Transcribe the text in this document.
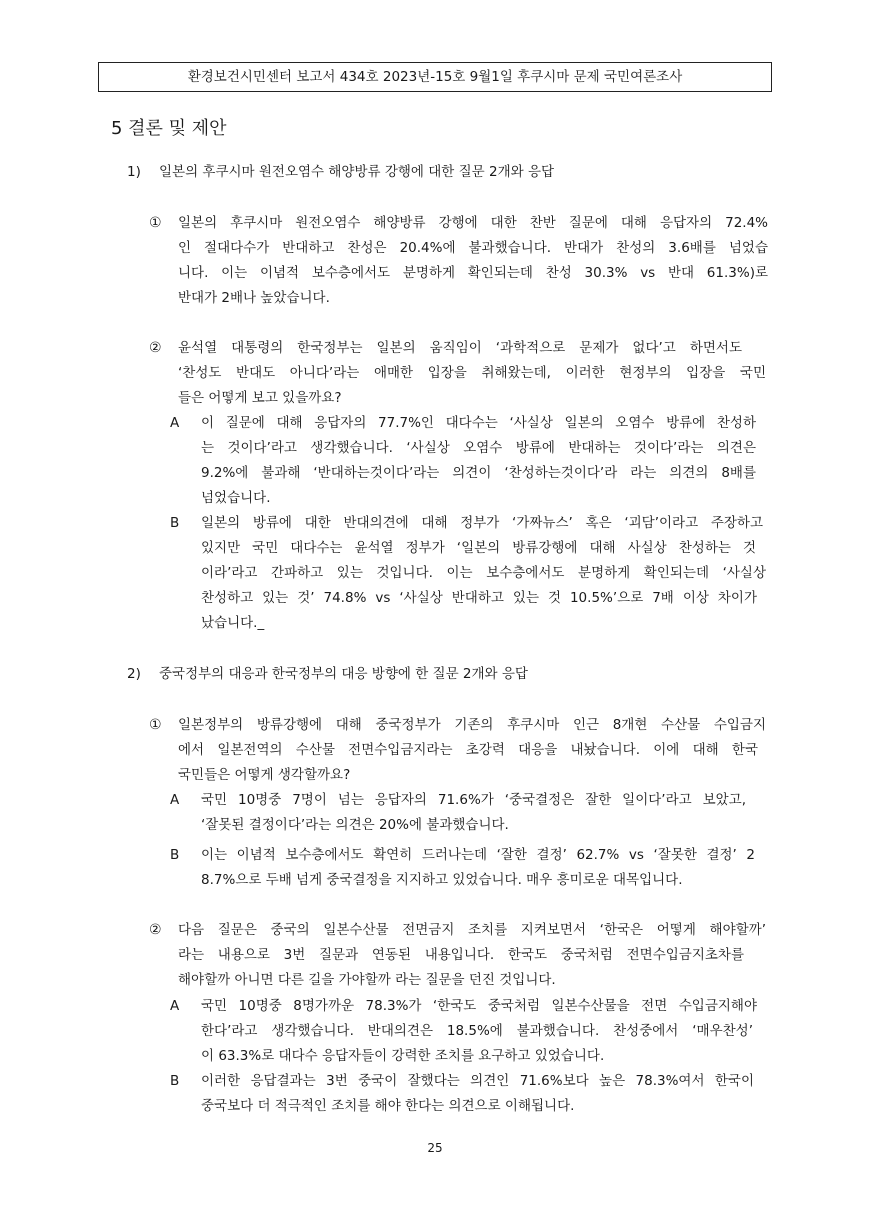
환경보건시민센터 보고서 434호 2023년-15호 9월1일 후쿠시마 문제 국민여론조사
5 결론 및 제안
1) 일본의 후쿠시마 원전오염수 해양방류 강행에 대한 질문 2개와 응답
① 일본의 후쿠시마 원전오염수 해양방류 강행에 대한 찬반 질문에 대해 응답자의 72.4%
인 절대다수가 반대하고 찬성은 20.4%에 불과했습니다. 반대가 찬성의 3.6배를 넘었습
니다. 이는 이념적 보수층에서도 분명하게 확인되는데 찬성 30.3% vs 반대 61.3%)로
반대가 2배나 높았습니다.
② 윤석열 대통령의 한국정부는 일본의 움직임이 ‘과학적으로 문제가 없다’고 하면서도
‘찬성도 반대도 아니다’라는 애매한 입장을 취해왔는데, 이러한 현정부의 입장을 국민
들은 어떻게 보고 있을까요?
A 이 질문에 대해 응답자의 77.7%인 대다수는 ‘사실상 일본의 오염수 방류에 찬성하
는 것이다’라고 생각했습니다. ‘사실상 오염수 방류에 반대하는 것이다’라는 의견은
9.2%에 불과해 ‘반대하는것이다’라는 의견이 ‘찬성하는것이다’라 라는 의견의 8배를
넘었습니다.
B 일본의 방류에 대한 반대의견에 대해 정부가 ‘가짜뉴스’ 혹은 ‘괴담’이라고 주장하고
있지만 국민 대다수는 윤석열 정부가 ‘일본의 방류강행에 대해 사실상 찬성하는 것
이라’라고 간파하고 있는 것입니다. 이는 보수층에서도 분명하게 확인되는데 ‘사실상
찬성하고 있는 것’ 74.8% vs ‘사실상 반대하고 있는 것 10.5%’으로 7배 이상 차이가
났습니다._
2) 중국정부의 대응과 한국정부의 대응 방향에 한 질문 2개와 응답
① 일본정부의 방류강행에 대해 중국정부가 기존의 후쿠시마 인근 8개현 수산물 수입금지
에서 일본전역의 수산물 전면수입금지라는 초강력 대응을 내놨습니다. 이에 대해 한국
국민들은 어떻게 생각할까요?
A 국민 10명중 7명이 넘는 응답자의 71.6%가 ‘중국결정은 잘한 일이다’라고 보았고,
‘잘못된 결정이다’라는 의견은 20%에 불과했습니다.
B 이는 이념적 보수층에서도 확연히 드러나는데 ‘잘한 결정’ 62.7% vs ‘잘못한 결정’ 2
8.7%으로 두배 넘게 중국결정을 지지하고 있었습니다. 매우 흥미로운 대목입니다.
② 다음 질문은 중국의 일본수산물 전면금지 조치를 지켜보면서 ‘한국은 어떻게 해야할까’
라는 내용으로 3번 질문과 연동된 내용입니다. 한국도 중국처럼 전면수입금지초차를
해야할까 아니면 다른 길을 가야할까 라는 질문을 던진 것입니다.
A 국민 10명중 8명가까운 78.3%가 ‘한국도 중국처럼 일본수산물을 전면 수입금지해야
한다’라고 생각했습니다. 반대의견은 18.5%에 불과했습니다. 찬성중에서 ‘매우찬성’
이 63.3%로 대다수 응답자들이 강력한 조치를 요구하고 있었습니다.
B 이러한 응답결과는 3번 중국이 잘했다는 의견인 71.6%보다 높은 78.3%여서 한국이
중국보다 더 적극적인 조치를 해야 한다는 의견으로 이해됩니다.
25
